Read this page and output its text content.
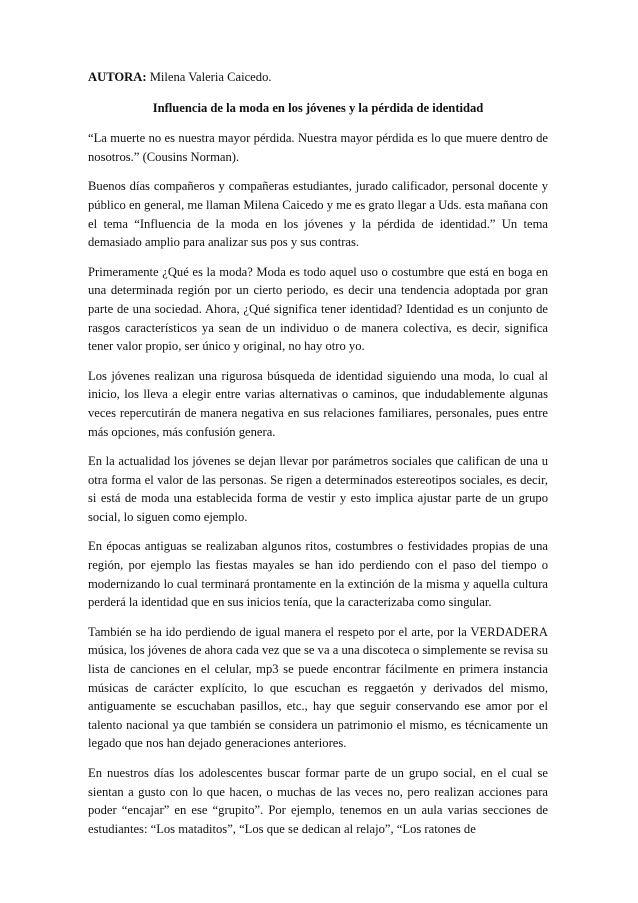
AUTORA: Milena Valeria Caicedo.

Influencia de la moda en los jóvenes y la pérdida de identidad

“La muerte no es nuestra mayor pérdida. Nuestra mayor pérdida es lo que muere dentro de nosotros.” (Cousins Norman).

Buenos días compañeros y compañeras estudiantes, jurado calificador, personal docente y público en general, me llaman Milena Caicedo y me es grato llegar a Uds. esta mañana con el tema “Influencia de la moda en los jóvenes y la pérdida de identidad.” Un tema demasiado amplio para analizar sus pos y sus contras.

Primeramente ¿Qué es la moda? Moda es todo aquel uso o costumbre que está en boga en una determinada región por un cierto periodo, es decir una tendencia adoptada por gran parte de una sociedad. Ahora, ¿Qué significa tener identidad? Identidad es un conjunto de rasgos característicos ya sean de un individuo o de manera colectiva, es decir, significa tener valor propio, ser único y original, no hay otro yo.

Los jóvenes realizan una rigurosa búsqueda de identidad siguiendo una moda, lo cual al inicio, los lleva a elegir entre varias alternativas o caminos, que indudablemente algunas veces repercutirán de manera negativa en sus relaciones familiares, personales, pues entre más opciones, más confusión genera.

En la actualidad los jóvenes se dejan llevar por parámetros sociales que califican de una u otra forma el valor de las personas. Se rigen a determinados estereotipos sociales, es decir, si está de moda una establecida forma de vestir y esto implica ajustar parte de un grupo social, lo siguen como ejemplo.

En épocas antiguas se realizaban algunos ritos, costumbres o festividades propias de una región, por ejemplo las fiestas mayales se han ido perdiendo con el paso del tiempo o modernizando lo cual terminará prontamente en la extinción de la misma y aquella cultura perderá la identidad que en sus inicios tenía, que la caracterizaba como singular.

También se ha ido perdiendo de igual manera el respeto por el arte, por la VERDADERA música, los jóvenes de ahora cada vez que se va a una discoteca o simplemente se revisa su lista de canciones en el celular, mp3 se puede encontrar fácilmente en primera instancia músicas de carácter explícito, lo que escuchan es reggaetón y derivados del mismo, antiguamente se escuchaban pasillos, etc., hay que seguir conservando ese amor por el talento nacional ya que también se considera un patrimonio el mismo, es técnicamente un legado que nos han dejado generaciones anteriores.

En nuestros días los adolescentes buscar formar parte de un grupo social, en el cual se sientan a gusto con lo que hacen, o muchas de las veces no, pero realizan acciones para poder “encajar” en ese “grupito”. Por ejemplo, tenemos en un aula varias secciones de estudiantes: “Los mataditos”, “Los que se dedican al relajo”, “Los ratones de
